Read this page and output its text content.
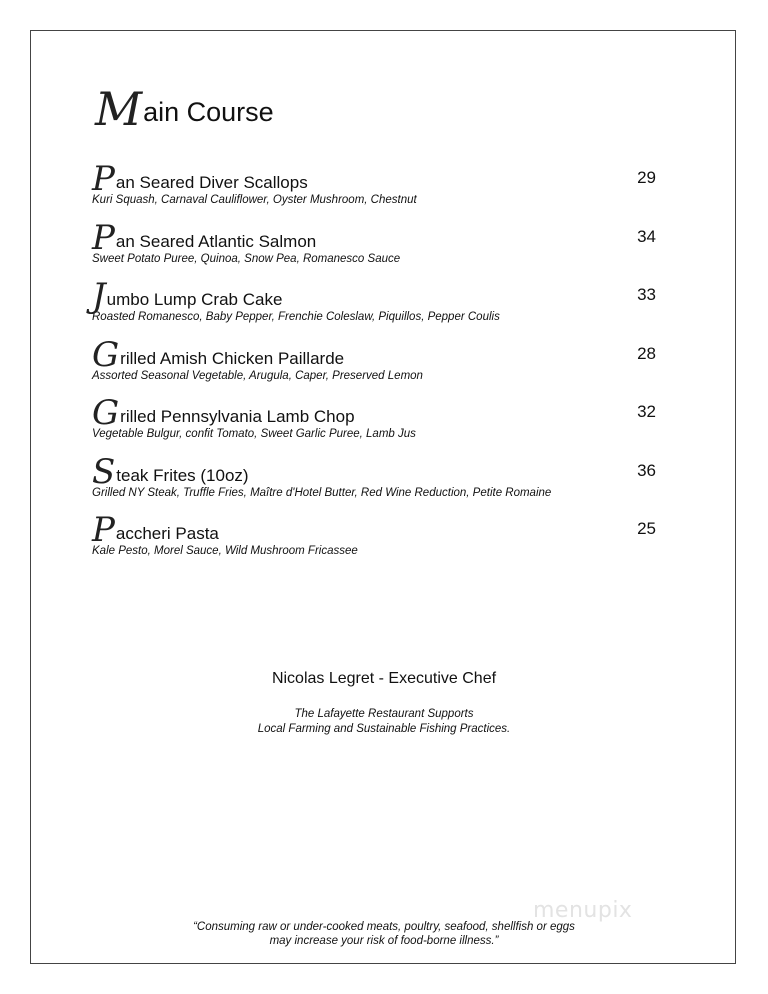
Main Course
Pan Seared Diver Scallops	29
Kuri Squash, Carnaval Cauliflower, Oyster Mushroom, Chestnut
Pan Seared Atlantic Salmon	34
Sweet Potato Puree, Quinoa, Snow Pea, Romanesco Sauce
Jumbo Lump Crab Cake	33
Roasted Romanesco, Baby Pepper, Frenchie Coleslaw, Piquillos, Pepper Coulis
Grilled Amish Chicken Paillarde	28
Assorted Seasonal Vegetable, Arugula, Caper, Preserved Lemon
Grilled Pennsylvania Lamb Chop	32
Vegetable Bulgur, confit Tomato, Sweet Garlic Puree, Lamb Jus
Steak Frites (10oz)	36
Grilled NY Steak, Truffle Fries, Maître d'Hotel Butter, Red Wine Reduction, Petite Romaine
Paccheri Pasta	25
Kale Pesto, Morel Sauce, Wild Mushroom Fricassee
Nicolas Legret - Executive Chef
The Lafayette Restaurant Supports
Local Farming and Sustainable Fishing Practices.
menupix
“Consuming raw or under-cooked meats, poultry, seafood, shellfish or eggs
may increase your risk of food-borne illness.”
